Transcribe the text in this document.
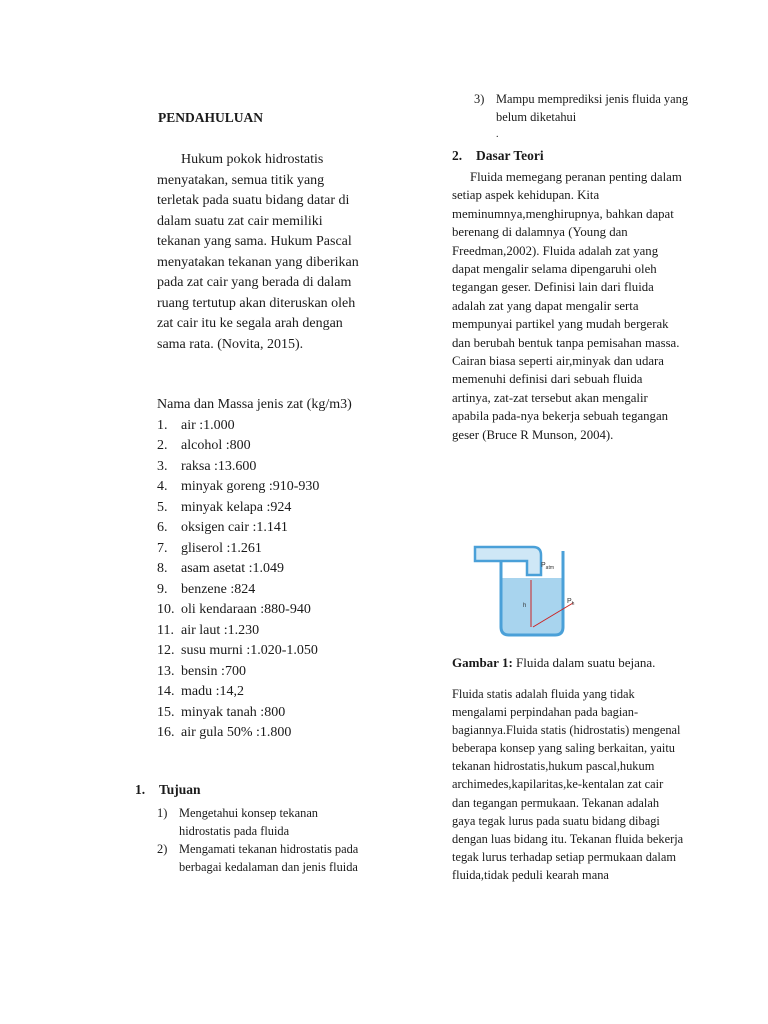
PENDAHULUAN
Hukum pokok hidrostatis menyatakan, semua titik yang terletak pada suatu bidang datar di dalam suatu zat cair memiliki tekanan yang sama. Hukum Pascal menyatakan tekanan yang diberikan pada zat cair yang berada di dalam ruang tertutup akan diteruskan oleh zat cair itu ke segala arah dengan sama rata. (Novita, 2015).
Nama dan Massa jenis zat (kg/m3)
1. air :1.000
2. alcohol :800
3. raksa :13.600
4. minyak goreng :910-930
5. minyak kelapa :924
6. oksigen cair :1.141
7. gliserol :1.261
8. asam asetat :1.049
9. benzene :824
10. oli kendaraan :880-940
11. air laut :1.230
12. susu murni :1.020-1.050
13. bensin :700
14. madu :14,2
15. minyak tanah :800
16. air gula 50% :1.800
1. Tujuan
1) Mengetahui konsep tekanan hidrostatis pada fluida
2) Mengamati tekanan hidrostatis pada berbagai kedalaman dan jenis fluida
3) Mampu memprediksi jenis fluida yang belum diketahui
.
2. Dasar Teori
Fluida memegang peranan penting dalam setiap aspek kehidupan. Kita meminumnya,menghirupnya, bahkan dapat berenang di dalamnya (Young dan Freedman,2002). Fluida adalah zat yang dapat mengalir selama dipengaruhi oleh tegangan geser. Definisi lain dari fluida adalah zat yang dapat mengalir serta mempunyai partikel yang mudah bergerak dan berubah bentuk tanpa pemisahan massa. Cairan biasa seperti air,minyak dan udara memenuhi definisi dari sebuah fluida artinya, zat-zat tersebut akan mengalir apabila pada-nya bekerja sebuah tegangan geser (Bruce R Munson, 2004).
$P_{atm}$
h
$P_h$
Gambar 1: Fluida dalam suatu bejana.
Fluida statis adalah fluida yang tidak mengalami perpindahan pada bagian-bagiannya.Fluida statis (hidrostatis) mengenal beberapa konsep yang saling berkaitan, yaitu tekanan hidrostatis,hukum pascal,hukum archimedes,kapilaritas,ke-kentalan zat cair dan tegangan permukaan. Tekanan adalah gaya tegak lurus pada suatu bidang dibagi dengan luas bidang itu. Tekanan fluida bekerja tegak lurus terhadap setiap permukaan dalam fluida,tidak peduli kearah mana
